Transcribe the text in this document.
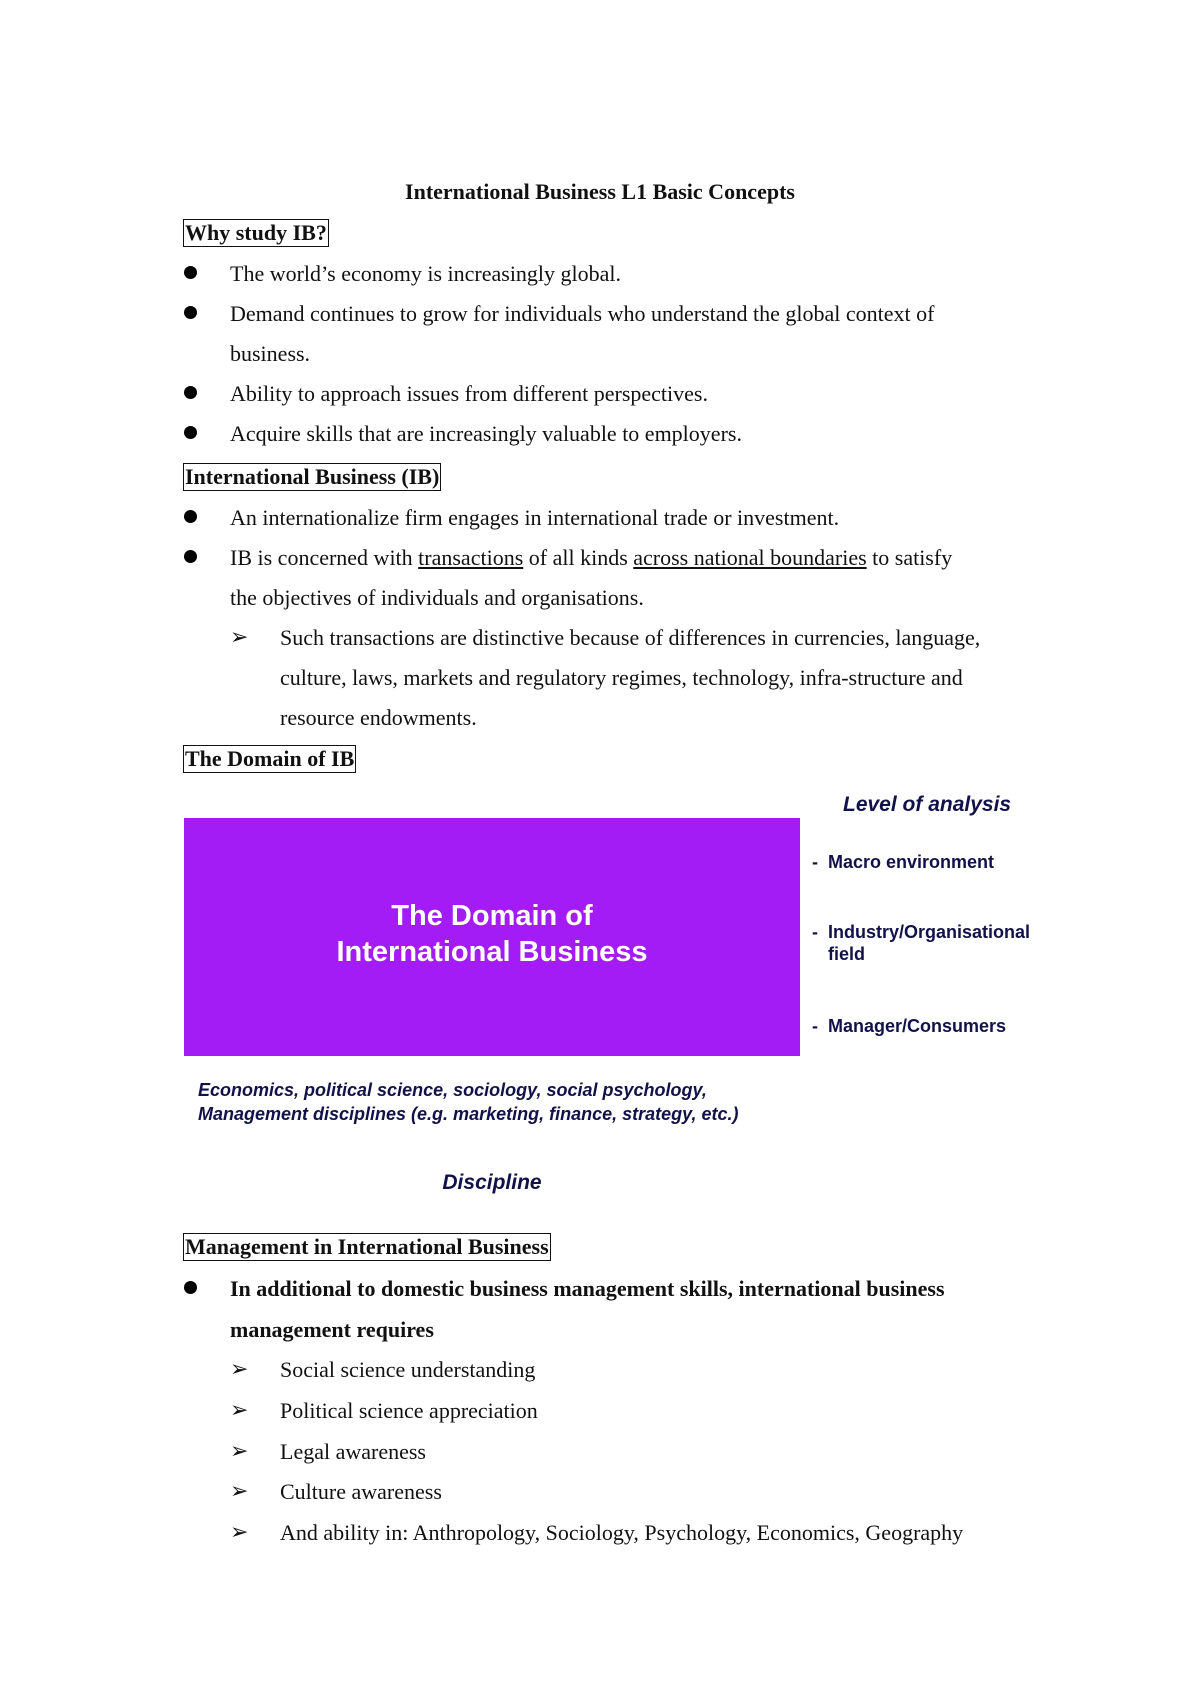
International Business L1 Basic Concepts
Why study IB?
The world’s economy is increasingly global.
Demand continues to grow for individuals who understand the global context of
business.
Ability to approach issues from different perspectives.
Acquire skills that are increasingly valuable to employers.
International Business (IB)
An internationalize firm engages in international trade or investment.
IB is concerned with transactions of all kinds across national boundaries to satisfy
the objectives of individuals and organisations.
➢ Such transactions are distinctive because of differences in currencies, language,
culture, laws, markets and regulatory regimes, technology, infra-structure and
resource endowments.
The Domain of IB
The Domain of
International Business
Level of analysis
- Macro environment
- Industry/Organisational field
- Manager/Consumers
Economics, political science, sociology, social psychology,
Management disciplines (e.g. marketing, finance, strategy, etc.)
Discipline
Management in International Business
In additional to domestic business management skills, international business
management requires
➢ Social science understanding
➢ Political science appreciation
➢ Legal awareness
➢ Culture awareness
➢ And ability in: Anthropology, Sociology, Psychology, Economics, Geography
